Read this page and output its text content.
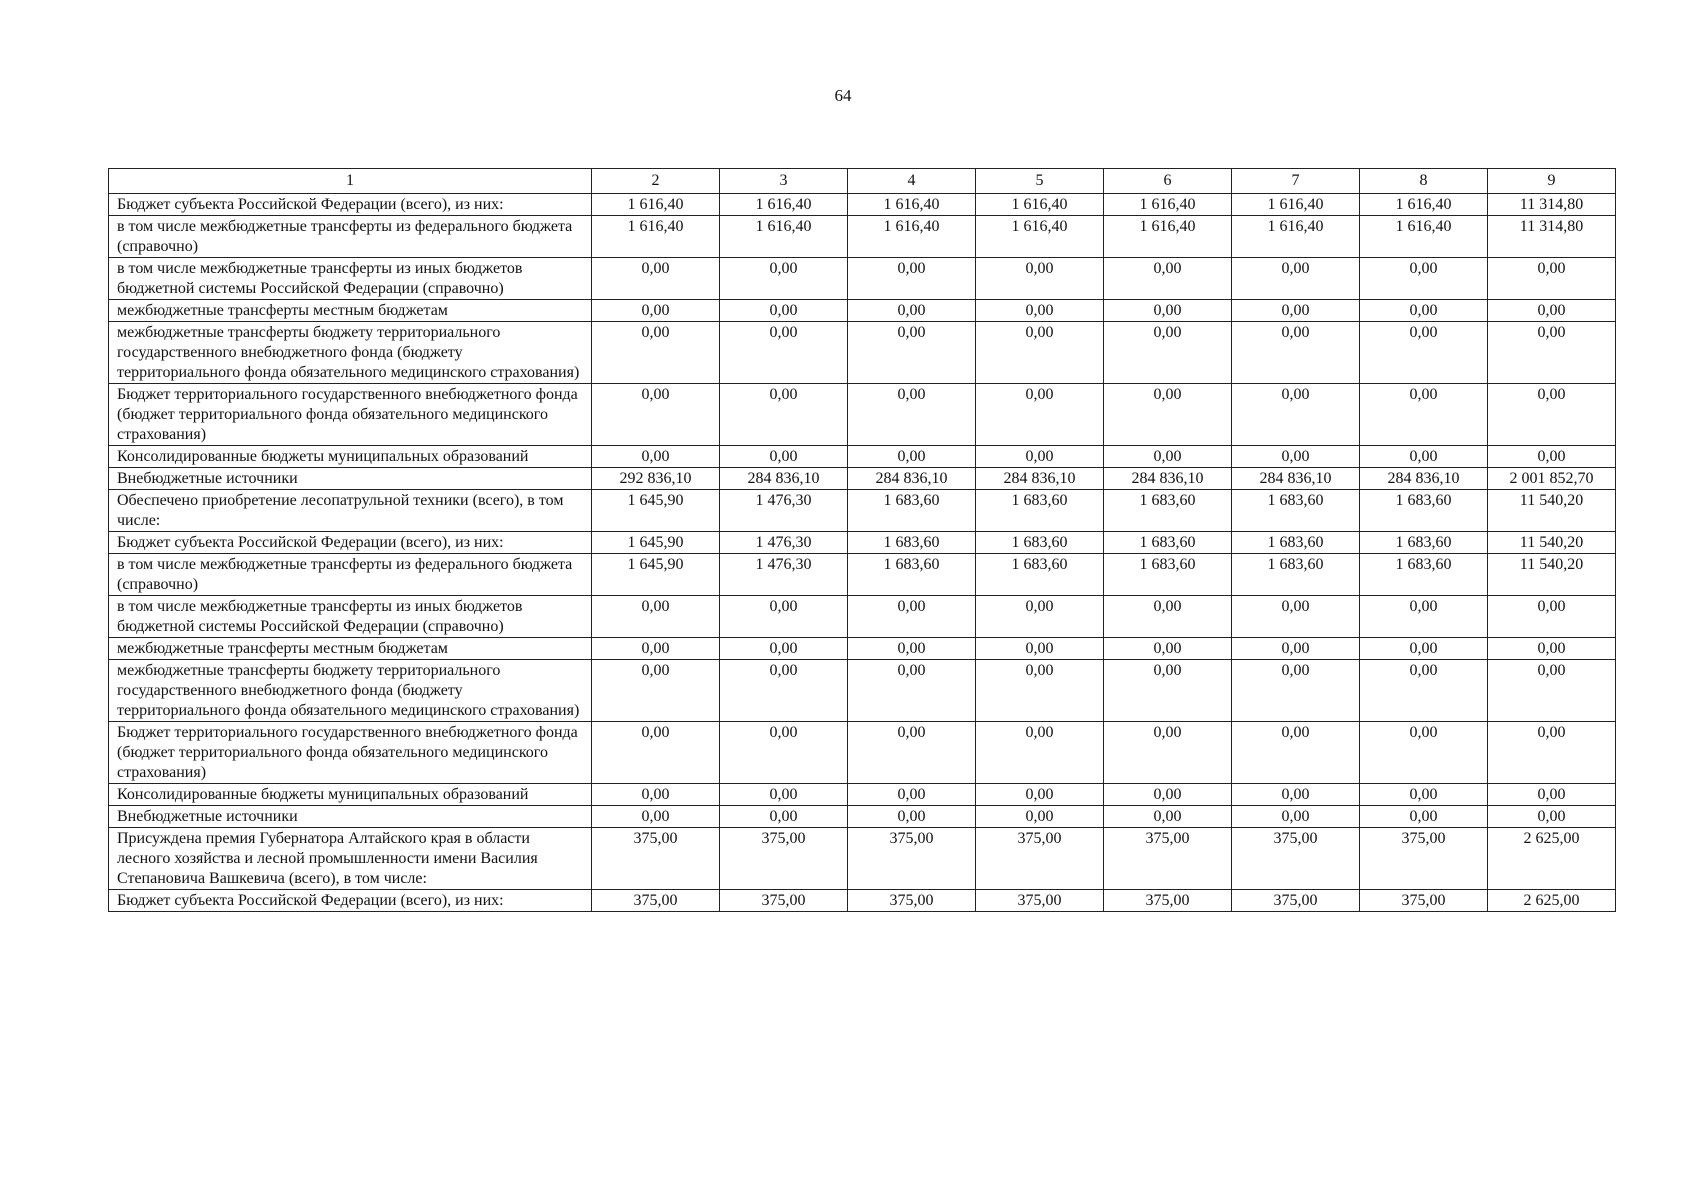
64
1	2	3	4	5	6	7	8	9
Бюджет субъекта Российской Федерации (всего), из них:	1 616,40	1 616,40	1 616,40	1 616,40	1 616,40	1 616,40	1 616,40	11 314,80
в том числе межбюджетные трансферты из федерального бюджета (справочно)	1 616,40	1 616,40	1 616,40	1 616,40	1 616,40	1 616,40	1 616,40	11 314,80
в том числе межбюджетные трансферты из иных бюджетов бюджетной системы Российской Федерации (справочно)	0,00	0,00	0,00	0,00	0,00	0,00	0,00	0,00
межбюджетные трансферты местным бюджетам	0,00	0,00	0,00	0,00	0,00	0,00	0,00	0,00
межбюджетные трансферты бюджету территориального государственного внебюджетного фонда (бюджету территориального фонда обязательного медицинского страхования)	0,00	0,00	0,00	0,00	0,00	0,00	0,00	0,00
Бюджет территориального государственного внебюджетного фонда (бюджет территориального фонда обязательного медицинского страхования)	0,00	0,00	0,00	0,00	0,00	0,00	0,00	0,00
Консолидированные бюджеты муниципальных образований	0,00	0,00	0,00	0,00	0,00	0,00	0,00	0,00
Внебюджетные источники	292 836,10	284 836,10	284 836,10	284 836,10	284 836,10	284 836,10	284 836,10	2 001 852,70
Обеспечено приобретение лесопатрульной техники (всего), в том числе:	1 645,90	1 476,30	1 683,60	1 683,60	1 683,60	1 683,60	1 683,60	11 540,20
Бюджет субъекта Российской Федерации (всего), из них:	1 645,90	1 476,30	1 683,60	1 683,60	1 683,60	1 683,60	1 683,60	11 540,20
в том числе межбюджетные трансферты из федерального бюджета (справочно)	1 645,90	1 476,30	1 683,60	1 683,60	1 683,60	1 683,60	1 683,60	11 540,20
в том числе межбюджетные трансферты из иных бюджетов бюджетной системы Российской Федерации (справочно)	0,00	0,00	0,00	0,00	0,00	0,00	0,00	0,00
межбюджетные трансферты местным бюджетам	0,00	0,00	0,00	0,00	0,00	0,00	0,00	0,00
межбюджетные трансферты бюджету территориального государственного внебюджетного фонда (бюджету территориального фонда обязательного медицинского страхования)	0,00	0,00	0,00	0,00	0,00	0,00	0,00	0,00
Бюджет территориального государственного внебюджетного фонда (бюджет территориального фонда обязательного медицинского страхования)	0,00	0,00	0,00	0,00	0,00	0,00	0,00	0,00
Консолидированные бюджеты муниципальных образований	0,00	0,00	0,00	0,00	0,00	0,00	0,00	0,00
Внебюджетные источники	0,00	0,00	0,00	0,00	0,00	0,00	0,00	0,00
Присуждена премия Губернатора Алтайского края в области лесного хозяйства и лесной промышленности имени Василия Степановича Вашкевича (всего), в том числе:	375,00	375,00	375,00	375,00	375,00	375,00	375,00	2 625,00
Бюджет субъекта Российской Федерации (всего), из них:	375,00	375,00	375,00	375,00	375,00	375,00	375,00	2 625,00
